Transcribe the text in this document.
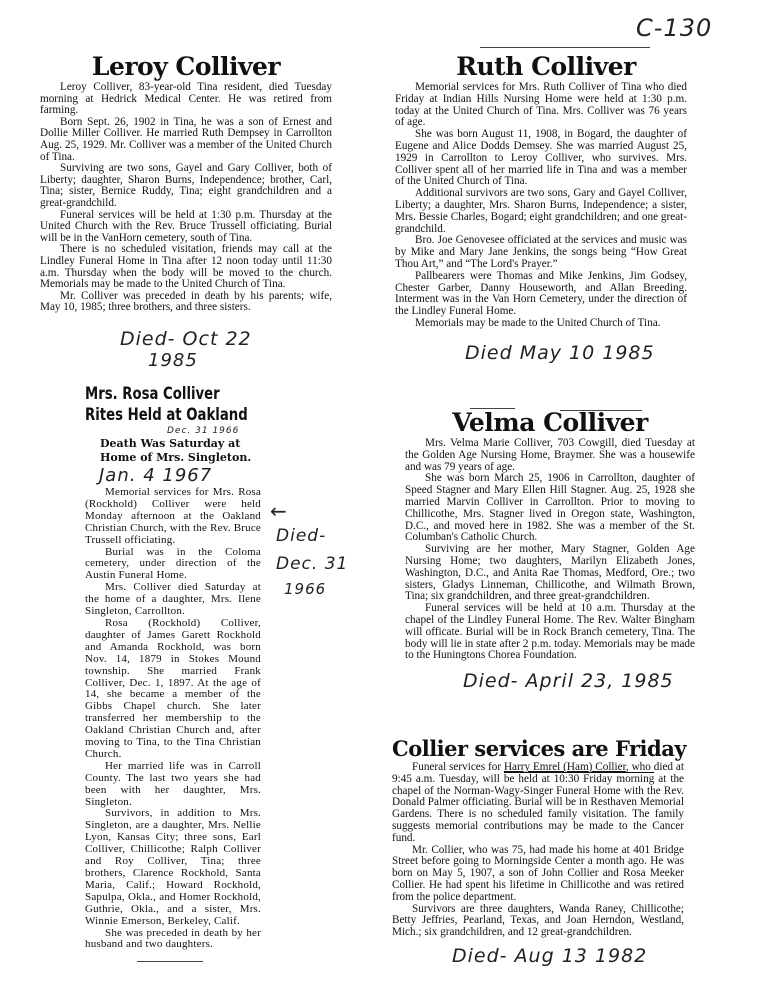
C-130
Leroy Colliver

Leroy Colliver, 83-year-old Tina resident, died Tuesday morning at Hedrick Medical Center. He was retired from farming.

Born Sept. 26, 1902 in Tina, he was a son of Ernest and Dollie Miller Colliver. He married Ruth Dempsey in Carrollton Aug. 25, 1929. Mr. Colliver was a member of the United Church of Tina.

Surviving are two sons, Gayel and Gary Colliver, both of Liberty; daughter, Sharon Burns, Independence; brother, Carl, Tina; sister, Bernice Ruddy, Tina; eight grandchildren and a great-grandchild.

Funeral services will be held at 1:30 p.m. Thursday at the United Church with the Rev. Bruce Trussell officiating. Burial will be in the VanHorn cemetery, south of Tina.

There is no scheduled visitation, friends may call at the Lindley Funeral Home in Tina after 12 noon today until 11:30 a.m. Thursday when the body will be moved to the church. Memorials may be made to the United Church of Tina.

Mr. Colliver was preceded in death by his parents; wife, May 10, 1985; three brothers, and three sisters.

Died- Oct 22
1985
Ruth Colliver

Memorial services for Mrs. Ruth Colliver of Tina who died Friday at Indian Hills Nursing Home were held at 1:30 p.m. today at the United Church of Tina. Mrs. Colliver was 76 years of age.

She was born August 11, 1908, in Bogard, the daughter of Eugene and Alice Dodds Demsey. She was married August 25, 1929 in Carrollton to Leroy Colliver, who survives. Mrs. Colliver spent all of her married life in Tina and was a member of the United Church of Tina.

Additional survivors are two sons, Gary and Gayel Colliver, Liberty; a daughter, Mrs. Sharon Burns, Independence; a sister, Mrs. Bessie Charles, Bogard; eight grandchildren; and one great-grandchild.

Bro. Joe Genovesee officiated at the services and music was by Mike and Mary Jane Jenkins, the songs being “How Great Thou Art,” and “The Lord's Prayer.”

Pallbearers were Thomas and Mike Jenkins, Jim Godsey, Chester Garber, Danny Houseworth, and Allan Breeding. Interment was in the Van Horn Cemetery, under the direction of the Lindley Funeral Home.

Memorials may be made to the United Church of Tina.

Died May 10 1985
Mrs. Rosa Colliver
Rites Held at Oakland
Dec. 31 1966

Death Was Saturday at

Home of Mrs. Singleton.

Jan. 4 1967

Memorial services for Mrs. Rosa (Rockhold) Colliver were held Monday afternoon at the Oakland Christian Church, with the Rev. Bruce Trussell officiating.

Burial was in the Coloma cemetery, under direction of the Austin Funeral Home.

Mrs. Colliver died Saturday at the home of a daughter, Mrs. Ilene Singleton, Carrollton.

Rosa (Rockhold) Colliver, daughter of James Garett Rockhold and Amanda Rockhold, was born Nov. 14, 1879 in Stokes Mound township. She married Frank Colliver, Dec. 1, 1897. At the age of 14, she became a member of the Gibbs Chapel church. She later transferred her membership to the Oakland Christian Church and, after moving to Tina, to the Tina Christian Church.

Her married life was in Carroll County. The last two years she had been with her daughter, Mrs. Singleton.

Survivors, in addition to Mrs. Singleton, are a daughter, Mrs. Nellie Lyon, Kansas City; three sons, Earl Colliver, Chillicothe; Ralph Colliver and Roy Colliver, Tina; three brothers, Clarence Rockhold, Santa Maria, Calif.; Howard Rockhold, Sapulpa, Okla., and Homer Rockhold, Guthrie, Okla., and a sister, Mrs. Winnie Emerson, Berkeley, Calif.

She was preceded in death by her husband and two daughters.

←
Died-
Dec. 31
1966
Velma Colliver

Mrs. Velma Marie Colliver, 703 Cowgill, died Tuesday at the Golden Age Nursing Home, Braymer. She was a housewife and was 79 years of age.

She was born March 25, 1906 in Carrollton, daughter of Speed Stagner and Mary Ellen Hill Stagner. Aug. 25, 1928 she married Marvin Colliver in Carrollton. Prior to moving to Chillicothe, Mrs. Stagner lived in Oregon state, Washington, D.C., and moved here in 1982. She was a member of the St. Columban's Catholic Church.

Surviving are her mother, Mary Stagner, Golden Age Nursing Home; two daughters, Marilyn Elizabeth Jones, Washington, D.C., and Anita Rae Thomas, Medford, Ore.; two sisters, Gladys Linneman, Chillicothe, and Wilmath Brown, Tina; six grandchildren, and three great-grandchildren.

Funeral services will be held at 10 a.m. Thursday at the chapel of the Lindley Funeral Home. The Rev. Walter Bingham will officate. Burial will be in Rock Branch cemetery, Tina. The body will lie in state after 2 p.m. today. Memorials may be made to the Huningtons Chorea Foundation.

Died- April 23, 1985
Collier services are Friday

Funeral services for Harry Emrel (Ham) Collier, who died at 9:45 a.m. Tuesday, will be held at 10:30 Friday morning at the chapel of the Norman-Wagy-Singer Funeral Home with the Rev. Donald Palmer officiating. Burial will be in Resthaven Memorial Gardens. There is no scheduled family visitation. The family suggests memorial contributions may be made to the Cancer fund.

Mr. Collier, who was 75, had made his home at 401 Bridge Street before going to Morningside Center a month ago. He was born on May 5, 1907, a son of John Collier and Rosa Meeker Collier. He had spent his lifetime in Chillicothe and was retired from the police department.

Survivors are three daughters, Wanda Raney, Chillicothe; Betty Jeffries, Pearland, Texas, and Joan Herndon, Westland, Mich.; six grandchildren, and 12 great-grandchildren.

Died- Aug 13 1982
